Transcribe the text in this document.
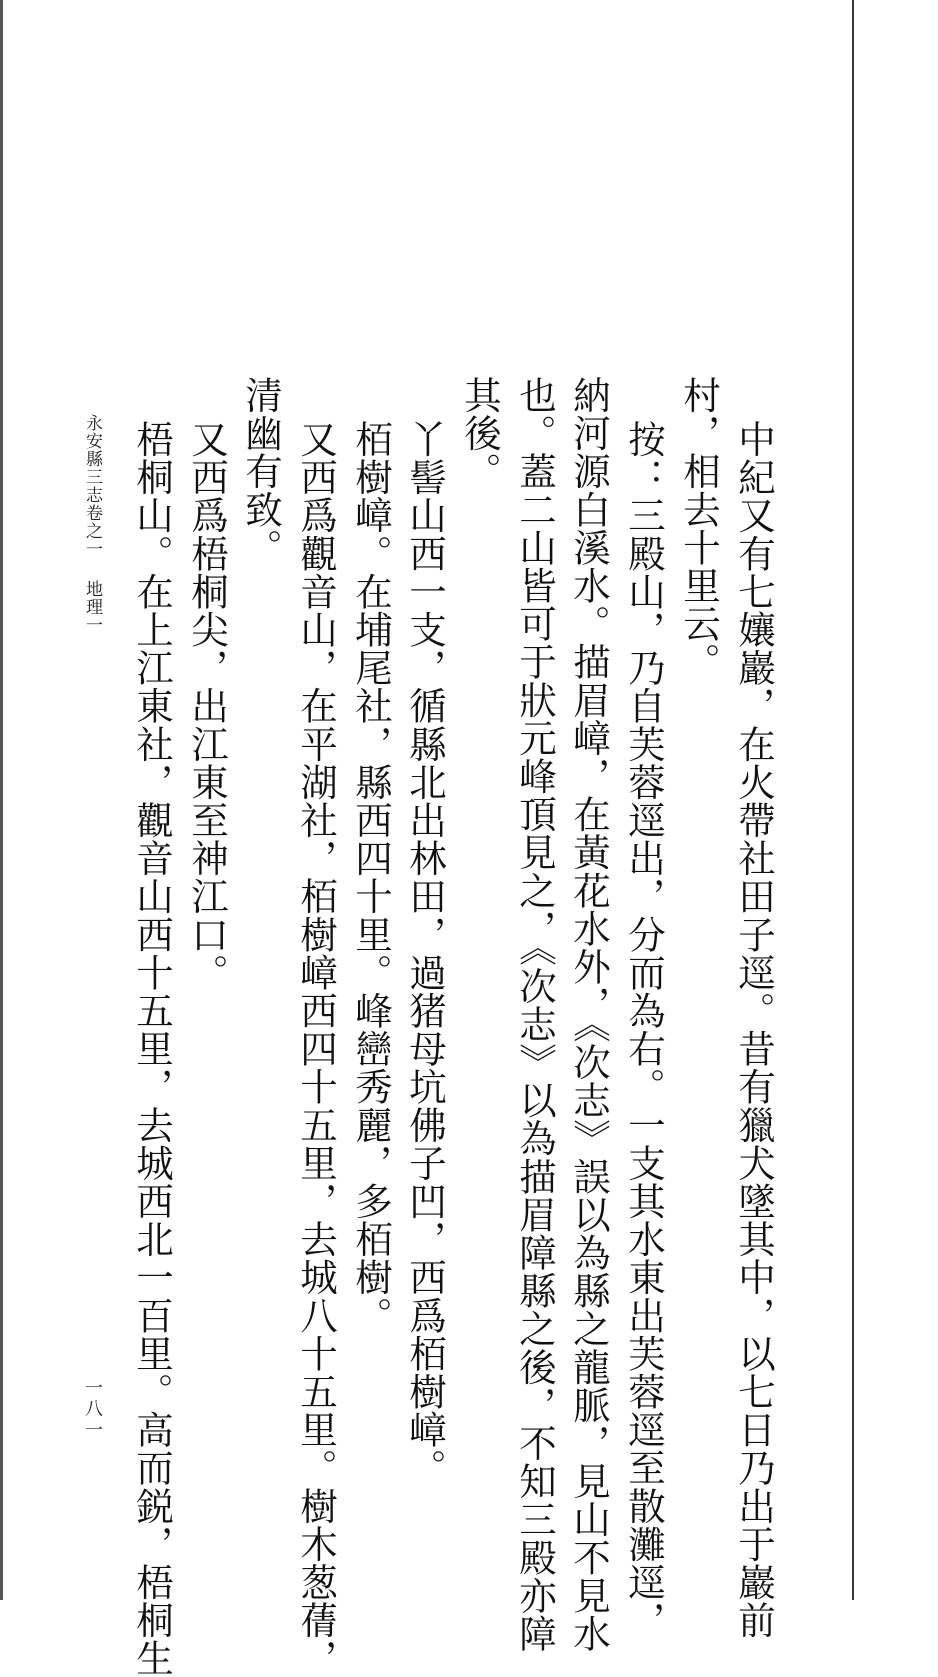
中紀又有七孃巖，在火帶社田子逕。昔有獵犬墜其中，以七日乃出于巖前
村，相去十里云。
按：三殿山，乃自芙蓉逕出，分而為右。一支其水東出芙蓉逕至散灘逕，
納河源白溪水。描眉嶂，在黃花水外，《次志》誤以為縣之龍脈，見山不見水
也。蓋二山皆可于狀元峰頂見之，《次志》以為描眉障縣之後，不知三殿亦障
其後。
丫髻山西一支，循縣北出林田，過猪母坑佛子凹，西爲栢樹嶂。
栢樹嶂。在埔尾社，縣西四十里。峰巒秀麗，多栢樹。
又西爲觀音山，在平湖社，栢樹嶂西四十五里，去城八十五里。樹木葱蒨，
清幽有致。
又西爲梧桐尖，出江東至神江口。
梧桐山。在上江東社，觀音山西十五里，去城西北一百里。高而鋭，梧桐生
永安縣三志卷之一地理一
一八一
